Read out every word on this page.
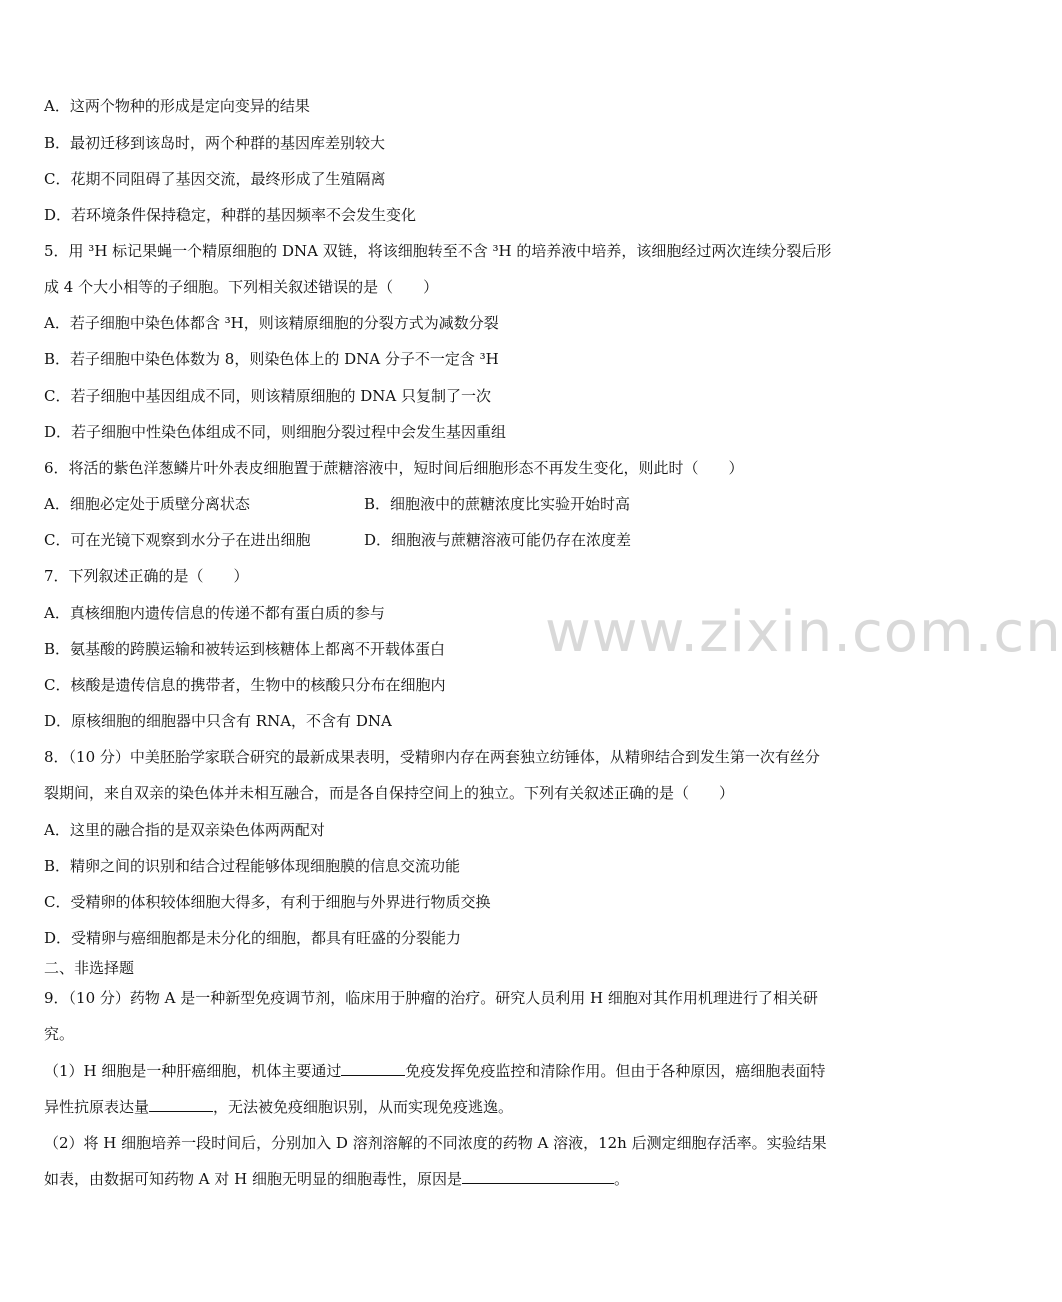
A．这两个物种的形成是定向变异的结果
B．最初迁移到该岛时，两个种群的基因库差别较大
C．花期不同阻碍了基因交流，最终形成了生殖隔离
D．若环境条件保持稳定，种群的基因频率不会发生变化
5．用 ³H 标记果蝇一个精原细胞的 DNA 双链，将该细胞转至不含 ³H 的培养液中培养，该细胞经过两次连续分裂后形
成 4 个大小相等的子细胞。下列相关叙述错误的是（　　）
A．若子细胞中染色体都含 ³H，则该精原细胞的分裂方式为减数分裂
B．若子细胞中染色体数为 8，则染色体上的 DNA 分子不一定含 ³H
C．若子细胞中基因组成不同，则该精原细胞的 DNA 只复制了一次
D．若子细胞中性染色体组成不同，则细胞分裂过程中会发生基因重组
6．将活的紫色洋葱鳞片叶外表皮细胞置于蔗糖溶液中，短时间后细胞形态不再发生变化，则此时（　　）
A．细胞必定处于质壁分离状态	B．细胞液中的蔗糖浓度比实验开始时高
C．可在光镜下观察到水分子在进出细胞	D．细胞液与蔗糖溶液可能仍存在浓度差
7．下列叙述正确的是（　　）
A．真核细胞内遗传信息的传递不都有蛋白质的参与
B．氨基酸的跨膜运输和被转运到核糖体上都离不开载体蛋白
C．核酸是遗传信息的携带者，生物中的核酸只分布在细胞内
D．原核细胞的细胞器中只含有 RNA，不含有 DNA
8．（10 分）中美胚胎学家联合研究的最新成果表明，受精卵内存在两套独立纺锤体，从精卵结合到发生第一次有丝分
裂期间，来自双亲的染色体并未相互融合，而是各自保持空间上的独立。下列有关叙述正确的是（　　）
A．这里的融合指的是双亲染色体两两配对
B．精卵之间的识别和结合过程能够体现细胞膜的信息交流功能
C．受精卵的体积较体细胞大得多，有利于细胞与外界进行物质交换
D．受精卵与癌细胞都是未分化的细胞，都具有旺盛的分裂能力
二、非选择题
9．（10 分）药物 A 是一种新型免疫调节剂，临床用于肿瘤的治疗。研究人员利用 H 细胞对其作用机理进行了相关研
究。
（1）H 细胞是一种肝癌细胞，机体主要通过	免疫发挥免疫监控和清除作用。但由于各种原因，癌细胞表面特
异性抗原表达量	，无法被免疫细胞识别，从而实现免疫逃逸。
（2）将 H 细胞培养一段时间后，分别加入 D 溶剂溶解的不同浓度的药物 A 溶液，12h 后测定细胞存活率。实验结果
如表，由数据可知药物 A 对 H 细胞无明显的细胞毒性，原因是	。
www.zixin.com.cn
